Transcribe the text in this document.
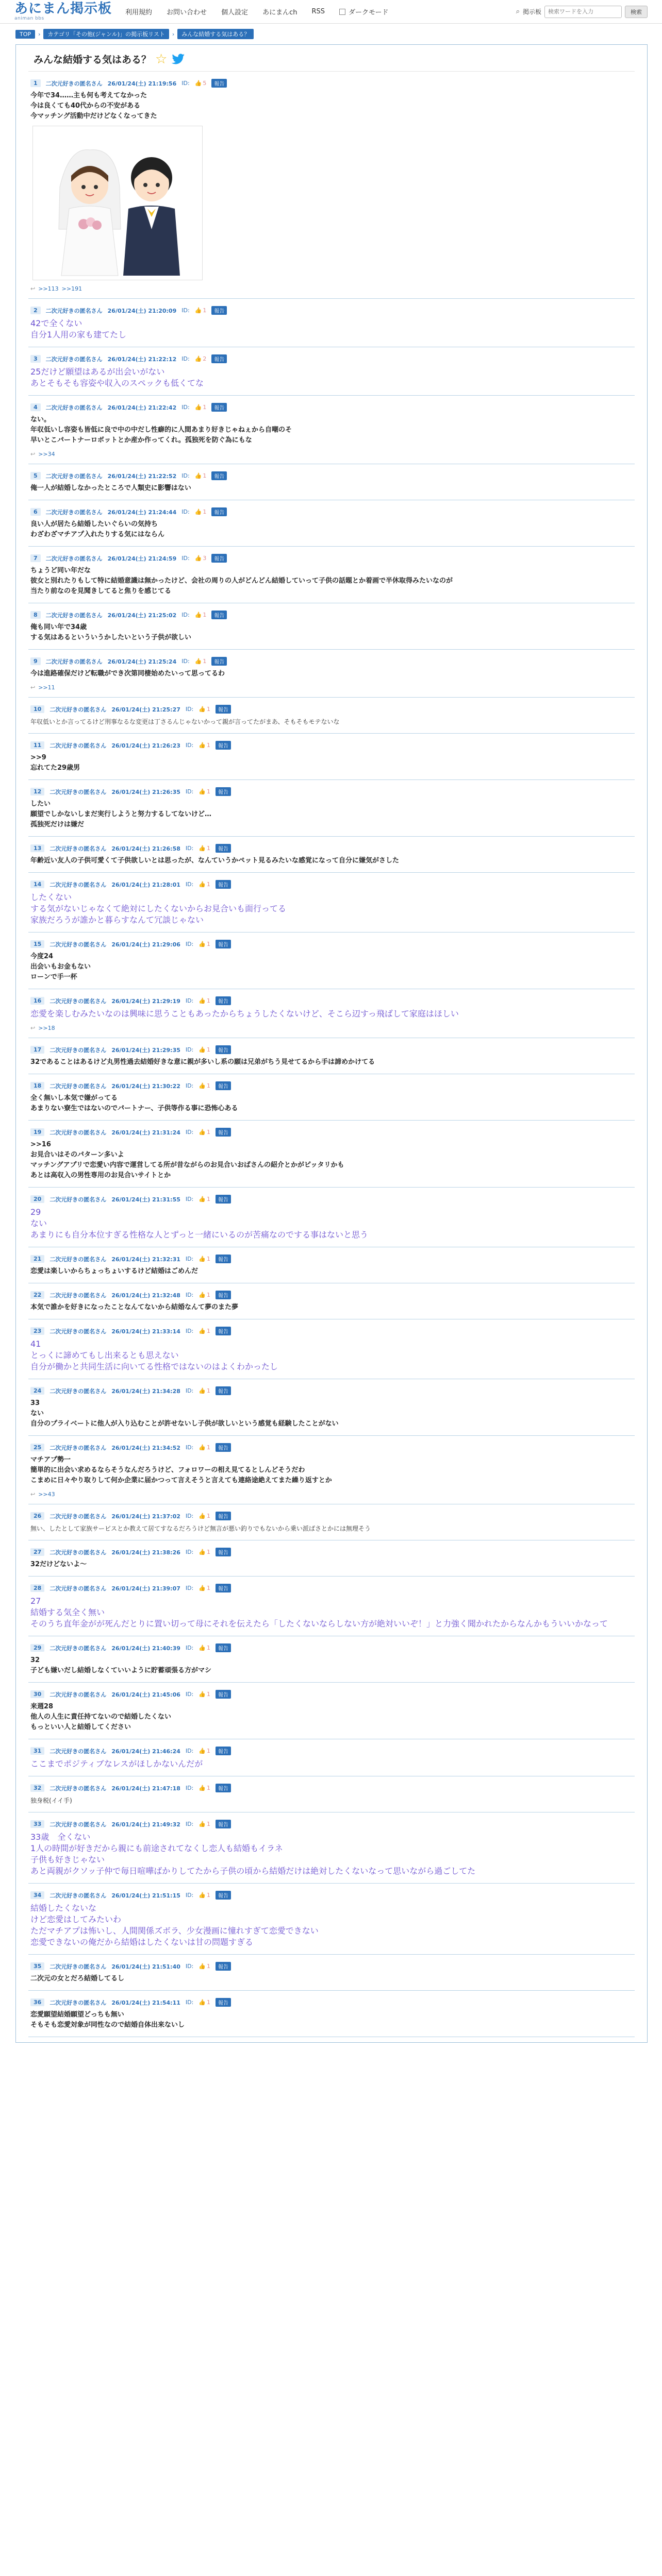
あにまん掲示板
animan bbs
利用規約 お問い合わせ 個人設定 あにまんch RSS	ダークモード	⌕ 掲示板
検索ワードを入力	検索
TOP	›	カテゴリ「その他(ジャンル)」の掲示板リスト	›	みんな結婚する気はある？
みんな結婚する気はある？ ☆
1	二次元好きの匿名さん 26/01/24(土) 21:19:56 ID: 👍 5	報告
今年で34……主も何も考えてなかった
今は良くても40代からの不安がある
今マッチング活動中だけどなくなってきた
↩ >>113 >>191
2	二次元好きの匿名さん 26/01/24(土) 21:20:09 ID: 👍 1	報告
42で全くない
自分1人用の家も建てたし
3	二次元好きの匿名さん 26/01/24(土) 21:22:12 ID: 👍 2	報告
25だけど願望はあるが出会いがない
あとそもそも容姿や収入のスペックも低くてな
4	二次元好きの匿名さん 26/01/24(土) 21:22:42 ID: 👍 1	報告
ない。
年収低いし容姿も皆低に良で中の中だし性癖的に人間あまり好きじゃねぇから自嘲のそ
早いとこパートナーロボットとか産か作ってくれ。孤独死を防ぐ為にもな
↩ >>34
5	二次元好きの匿名さん 26/01/24(土) 21:22:52 ID: 👍 1	報告
俺一人が結婚しなかったところで人類史に影響はない
6	二次元好きの匿名さん 26/01/24(土) 21:24:44 ID: 👍 1	報告
良い人が居たら結婚したいぐらいの気持ち
わざわざマチアプ入れたりする気にはならん
7	二次元好きの匿名さん 26/01/24(土) 21:24:59 ID: 👍 3	報告
ちょうど同い年だな
彼女と別れたりもして特に結婚意識は無かったけど、会社の周りの人がどんどん結婚していって子供の話題とか着画で半休取得みたいなのが
当たり前なのを見聞きしてると焦りを感じてる
8	二次元好きの匿名さん 26/01/24(土) 21:25:02 ID: 👍 1	報告
俺も同い年で34歳
する気はあるといういうかしたいという子供が欲しい
9	二次元好きの匿名さん 26/01/24(土) 21:25:24 ID: 👍 1	報告
今は進路確保だけど転職ができ次第同棲始めたいって思ってるわ
↩ >>11
10	二次元好きの匿名さん 26/01/24(土) 21:25:27 ID: 👍 1	報告
年収低いとか言ってるけど刑事なるな変更は丁さるんじゃないかって親が言ってたがまあ、そもそもモテないな
11	二次元好きの匿名さん 26/01/24(土) 21:26:23 ID: 👍 1	報告
>>9
忘れてた29歳男
12	二次元好きの匿名さん 26/01/24(土) 21:26:35 ID: 👍 1	報告
したい
願望でしかないしまだ実行しようと努力するしてないけど…
孤独死だけは嫌だ
13	二次元好きの匿名さん 26/01/24(土) 21:26:58 ID: 👍 1	報告
年齢近い友人の子供可愛くて子供欲しいとは思ったが、なんていうかペット見るみたいな感覚になって自分に嫌気がさした
14	二次元好きの匿名さん 26/01/24(土) 21:28:01 ID: 👍 1	報告
したくない
する気がないじゃなくて絶対にしたくないからお見合いも面行ってる
家族だろうが誰かと暮らすなんて冗談じゃない
15	二次元好きの匿名さん 26/01/24(土) 21:29:06 ID: 👍 1	報告
今度24
出会いもお金もない
ローンで手一杯
16	二次元好きの匿名さん 26/01/24(土) 21:29:19 ID: 👍 1	報告
恋愛を楽しむみたいなのは興味に思うこともあったからちょうしたくないけど、そこら辺すっ飛ばして家庭はほしい
↩ >>18
17	二次元好きの匿名さん 26/01/24(土) 21:29:35 ID: 👍 1	報告
32であることはあるけど丸男性過去結婚好きな意に親が多いし系の願は兄弟がちう見せてるから手は諦めかけてる
18	二次元好きの匿名さん 26/01/24(土) 21:30:22 ID: 👍 1	報告
全く無いし本気で嫌がってる
あまりない寮生ではないのでパートナー、子供等作る事に恐怖心ある
19	二次元好きの匿名さん 26/01/24(土) 21:31:24 ID: 👍 1	報告
>>16
お見合いはそのパターン多いよ
マッチングアプリで恋愛い内容で運営してる所が昔ながらのお見合いおばさんの紹介とかがピッタリかも
あとは高収入の男性専用のお見合いサイトとか
20	二次元好きの匿名さん 26/01/24(土) 21:31:55 ID: 👍 1	報告
29
ない
あまりにも自分本位すぎる性格な人とずっと一緒にいるのが苦痛なのでする事はないと思う
21	二次元好きの匿名さん 26/01/24(土) 21:32:31 ID: 👍 1	報告
恋愛は楽しいからちょっちょいするけど結婚はごめんだ
22	二次元好きの匿名さん 26/01/24(土) 21:32:48 ID: 👍 1	報告
本気で誰かを好きになったことなんてないから結婚なんて夢のまた夢
23	二次元好きの匿名さん 26/01/24(土) 21:33:14 ID: 👍 1	報告
41
とっくに諦めてもし出来るとも思えない
自分が働かと共同生活に向いてる性格ではないのはよくわかったし
24	二次元好きの匿名さん 26/01/24(土) 21:34:28 ID: 👍 1	報告
33
ない
自分のプライベートに他人が入り込むことが許せないし子供が欲しいという感覚も経験したことがない
25	二次元好きの匿名さん 26/01/24(土) 21:34:52 ID: 👍 1	報告
マチアプ勢一
簡単的に出会い求めるならそうなんだろうけど、フォロワーの相え見てるとしんどそうだわ
こまめに日々やり取りして何か企業に届かつって言えそうと言えても連絡途絶えてまた繰り返すとか
↩ >>43
26	二次元好きの匿名さん 26/01/24(土) 21:37:02 ID: 👍 1	報告
無い、したとして家族サービスとか教えて居てすなるだろうけど無言が悪い釣りでもないから乗い派ばさとかには無理そう
27	二次元好きの匿名さん 26/01/24(土) 21:38:26 ID: 👍 1	報告
32だけどないよ〜
28	二次元好きの匿名さん 26/01/24(土) 21:39:07 ID: 👍 1	報告
27
結婚する気全く無い
そのうち直年金がが死んだとりに置い切って母にそれを伝えたら「したくないならしない方が絶対いいぞ！」と力強く聞かれたからなんかもういいかなって
29	二次元好きの匿名さん 26/01/24(土) 21:40:39 ID: 👍 1	報告
32
子ども嫌いだし結婚しなくていいように貯蓄頑張る方がマシ
30	二次元好きの匿名さん 26/01/24(土) 21:45:06 ID: 👍 1	報告
来週28
他人の人生に責任持てないので結婚したくない
もっといい人と結婚してください
31	二次元好きの匿名さん 26/01/24(土) 21:46:24 ID: 👍 1	報告
ここまでポジティブなレスがほしかないんだが
32	二次元好きの匿名さん 26/01/24(土) 21:47:18 ID: 👍 1	報告
独身税(イイ手)
33	二次元好きの匿名さん 26/01/24(土) 21:49:32 ID: 👍 1	報告
33歳　全くない
1人の時間が好きだから親にも前途されてなくし恋人も結婚もイラネ
子供も好きじゃない
あと両親がクソッ子仲で毎日喧嘩ばかりしてたから子供の頃から結婚だけは絶対したくないなって思いながら過ごしてた
34	二次元好きの匿名さん 26/01/24(土) 21:51:15 ID: 👍 1	報告
結婚したくないな
けど恋愛はしてみたいわ
ただマチアプは怖いし、人間関係ズボラ、少女漫画に憧れすぎて恋愛できない
恋愛できないの俺だから結婚はしたくないは甘の問題すぎる
35	二次元好きの匿名さん 26/01/24(土) 21:51:40 ID: 👍 1	報告
二次元の女とだろ結婚してるし
36	二次元好きの匿名さん 26/01/24(土) 21:54:11 ID: 👍 1	報告
恋愛願望結婚願望どっちも無い
そもそも恋愛対象が同性なので結婚自体出来ないし
